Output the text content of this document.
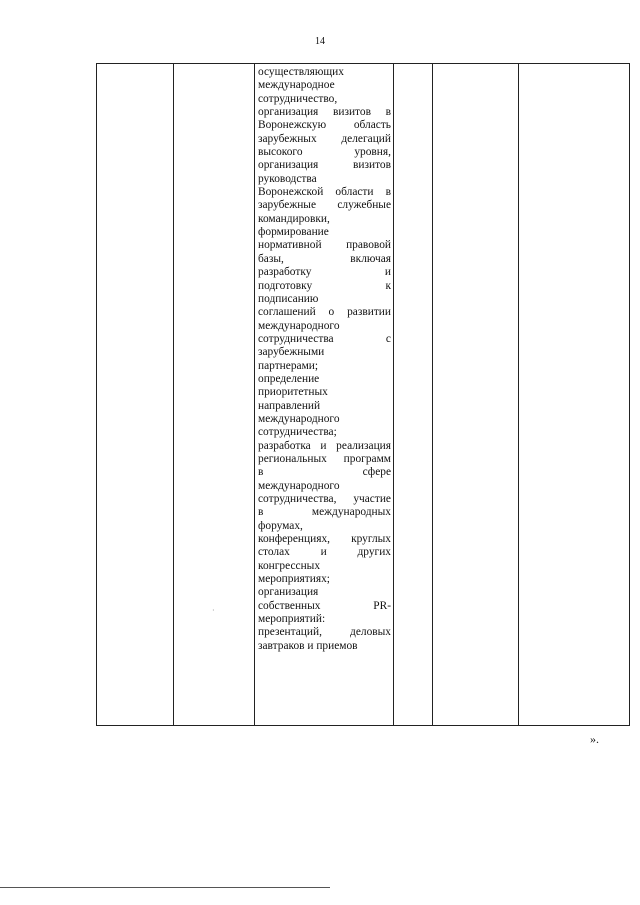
14

осуществляющих
международное
сотрудничество,
организация визитов в
Воронежскую область
зарубежных делегаций
высокого уровня,
организация визитов
руководства
Воронежской области в
зарубежные служебные
командировки,
формирование
нормативной правовой
базы, включая
разработку и
подготовку к
подписанию
соглашений о развитии
международного
сотрудничества с
зарубежными
партнерами;
определение
приоритетных
направлений
международного
сотрудничества;
разработка и реализация
региональных программ
в сфере
международного
сотрудничества, участие
в международных
форумах,
конференциях, круглых
столах и других
конгрессных
мероприятиях;
организация
собственных PR-
мероприятий:
презентаций, деловых
завтраков и приемов

·
».
